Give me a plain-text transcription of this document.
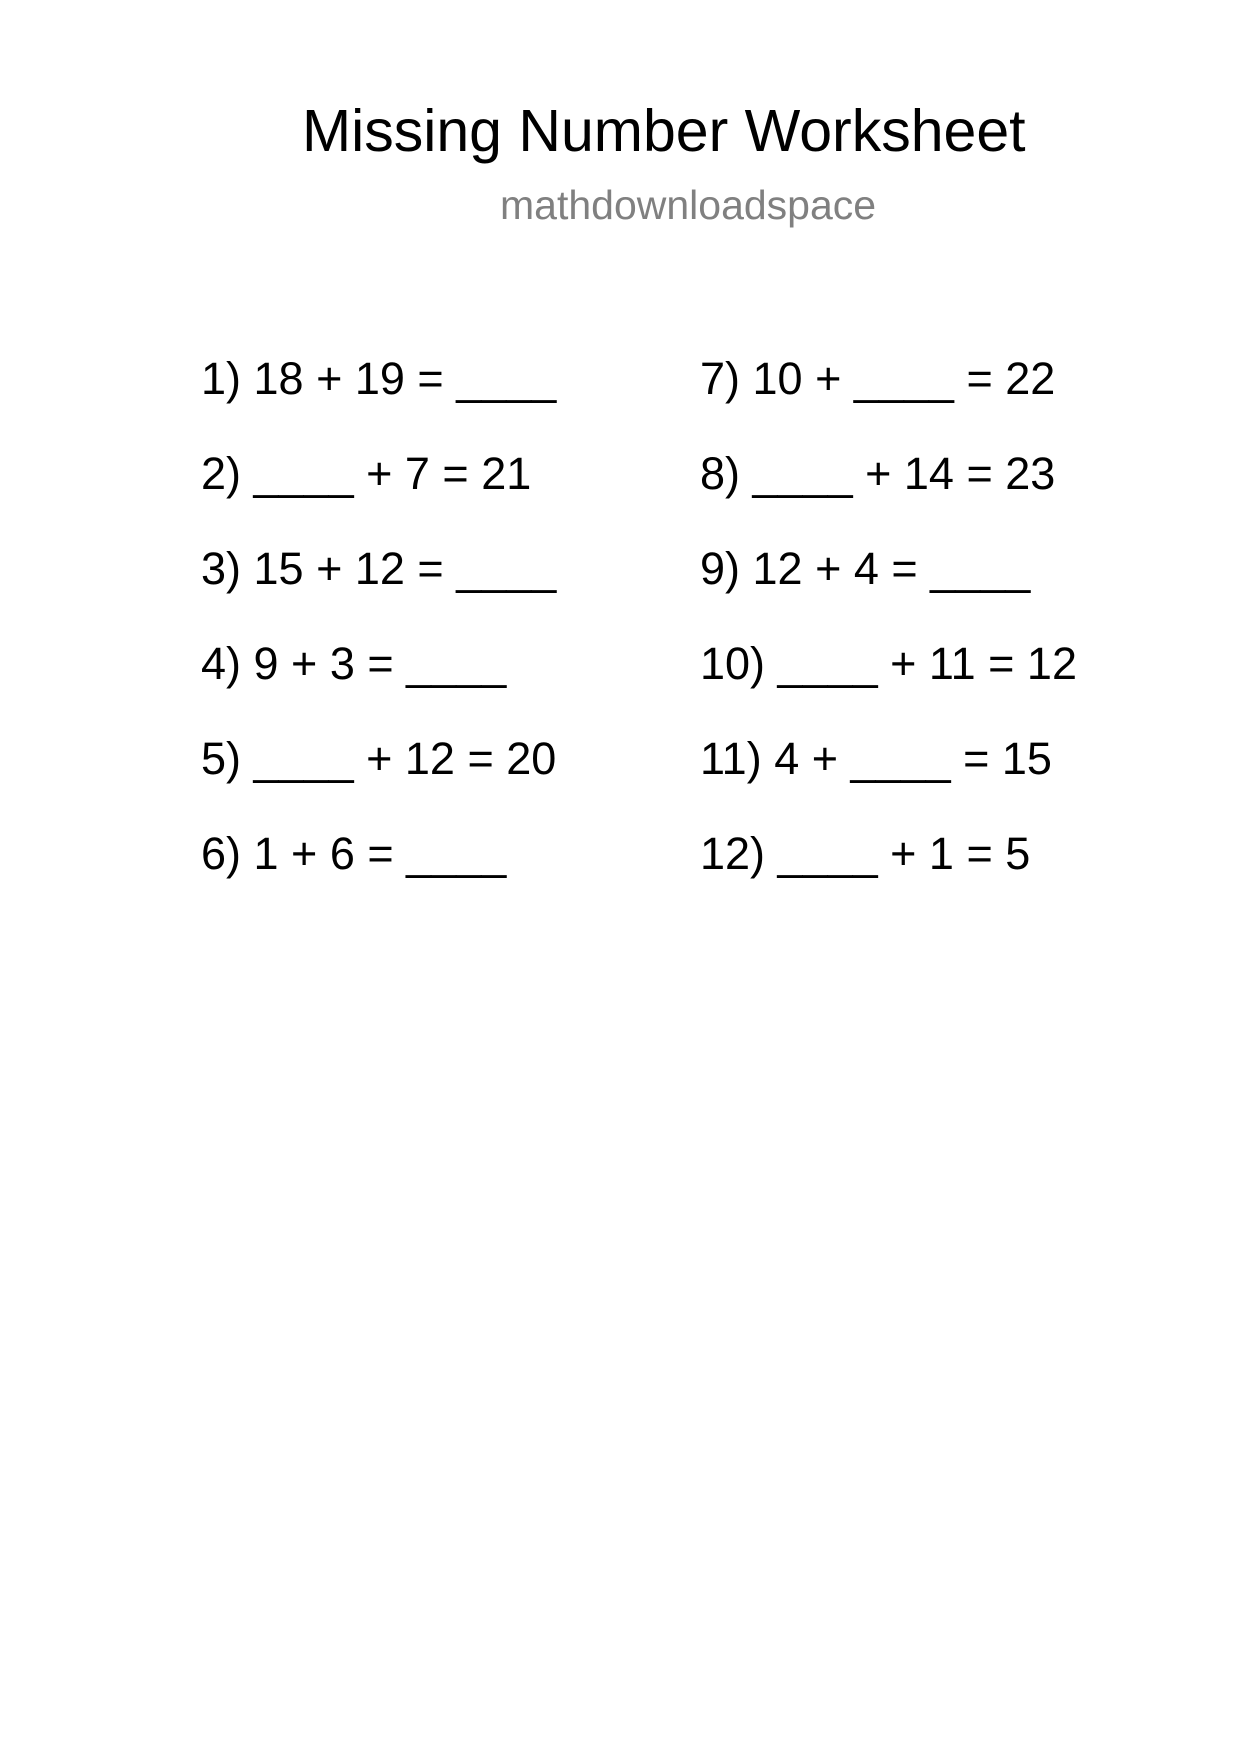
Missing Number Worksheet
mathdownloadspace
1) 18 + 19 = ____
2) ____ + 7 = 21
3) 15 + 12 = ____
4) 9 + 3 = ____
5) ____ + 12 = 20
6) 1 + 6 = ____
7) 10 + ____ = 22
8) ____ + 14 = 23
9) 12 + 4 = ____
10) ____ + 11 = 12
11) 4 + ____ = 15
12) ____ + 1 = 5
